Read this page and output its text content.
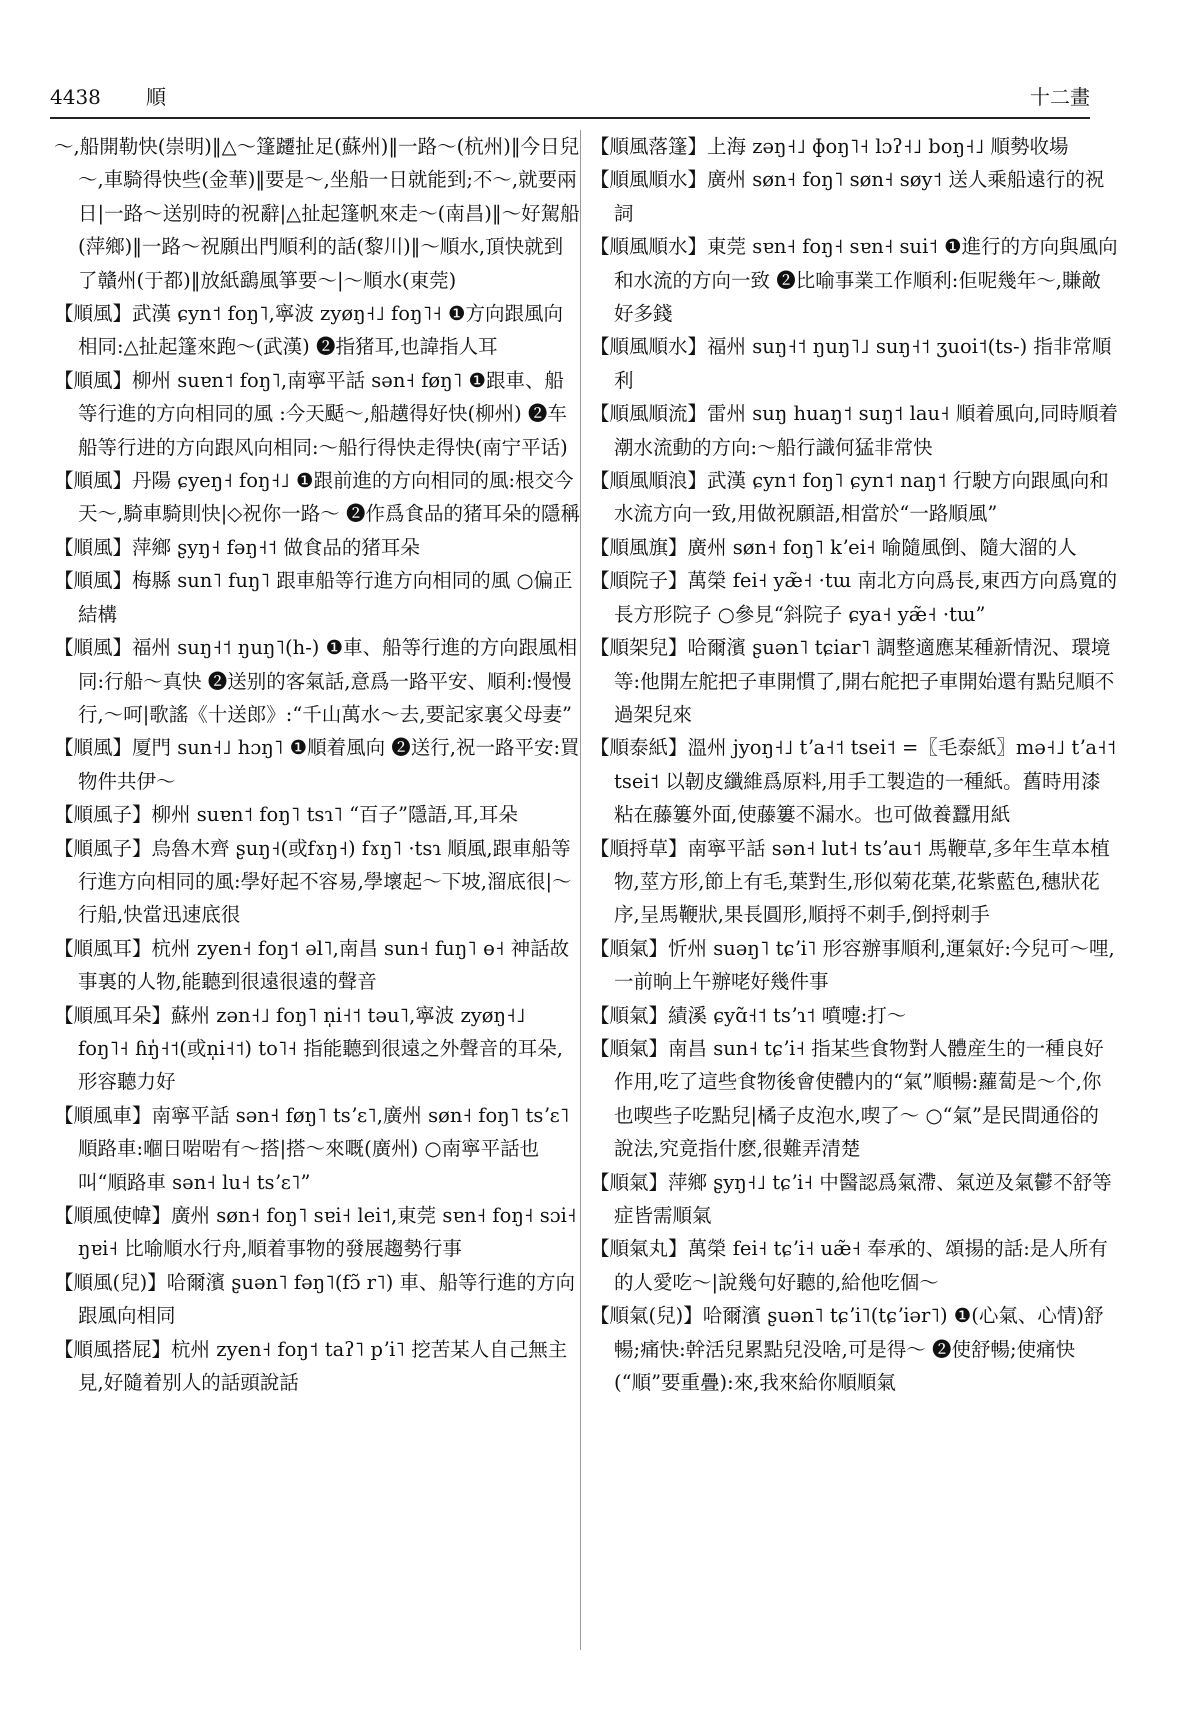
4438 順	十二畫

～,船開勒快(崇明)‖△～篷躚扯足(蘇州)‖一路～(杭州)‖今日兒～,車騎得快些(金華)‖要是～,坐船一日就能到;不～,就要兩日|一路～送别時的祝辭|△扯起篷帆來走～(南昌)‖～好駕船(萍鄉)‖一路～祝願出門順利的話(黎川)‖～順水,頂快就到了贛州(于都)‖放紙鷂風箏要～|～順水(東莞)

【順風】武漢 ɕyn˦ foŋ˥,寧波 zyøŋ˧˩ foŋ˥˧ ❶方向跟風向相同:△扯起篷來跑～(武漢) ❷指猪耳,也諱指人耳

【順風】柳州 suɐn˦ foŋ˥,南寧平話 sən˧ føŋ˥ ❶跟車、船等行進的方向相同的風 :今天颳～,船趪得好快(柳州) ❷车船等行进的方向跟风向相同:～船行得快走得快(南宁平话)

【順風】丹陽 ɕyeŋ˧ foŋ˧˩ ❶跟前進的方向相同的風:根交今天～,騎車騎則快|◇祝你一路～ ❷作爲食品的猪耳朵的隱稱

【順風】萍鄉 ʂyŋ˧ fəŋ˧˦ 做食品的猪耳朵

【順風】梅縣 sun˥ fuŋ˥ 跟車船等行進方向相同的風 ○偏正結構

【順風】福州 suŋ˧˦ ŋuŋ˥(h-) ❶車、船等行進的方向跟風相同:行船～真快 ❷送别的客氣話,意爲一路平安、順利:慢慢行,～呵|歌謠《十送郎》:“千山萬水～去,要記家裏父母妻”

【順風】厦門 sun˧˩ hɔŋ˥ ❶順着風向 ❷送行,祝一路平安:買物件共伊～

【順風子】柳州 suɐn˦ foŋ˥ tsɿ˥ “百子”隱語,耳,耳朵

【順風子】烏魯木齊 ʂuŋ˧(或fɤŋ˧) fɤŋ˥ ·tsɿ 順風,跟車船等行進方向相同的風:學好起不容易,學壞起～下坡,溜底很|～行船,快當迅速底很

【順風耳】杭州 zyen˧ foŋ˦ əl˥,南昌 sun˧ fuŋ˥ ɵ˧ 神話故事裏的人物,能聽到很遠很遠的聲音

【順風耳朵】蘇州 zən˧˩ foŋ˥ n̩i˧˦ təu˥,寧波 zyøŋ˧˩ foŋ˥˧ ɦŋ̍˧˦(或n̩i˧˦) to˥˧ 指能聽到很遠之外聲音的耳朵,形容聽力好

【順風車】南寧平話 sən˧ føŋ˥ tsʼɛ˥,廣州 søn˧ foŋ˥ tsʼɛ˥ 順路車:嗰日啱啱有～搭|搭～來嘅(廣州) ○南寧平話也叫“順路車 sən˧ lu˧ tsʼɛ˥”

【順風使幃】廣州 søn˧ foŋ˥ sɐi˧ lei˦,東莞 sɐn˧ foŋ˧ sɔi˧ ŋɐi˧ 比喻順水行舟,順着事物的發展趨勢行事

【順風(兒)】哈爾濱 ʂuən˥ fəŋ˥(fɔ̃ r˥) 車、船等行進的方向跟風向相同

【順風搭屁】杭州 zyen˧ foŋ˦ taʔ˥ pʼi˥ 挖苦某人自己無主見,好隨着别人的話頭說話

【順風落篷】上海 zəŋ˧˩ ɸoŋ˥˧ lɔʔ˧˩ boŋ˧˩ 順勢收場

【順風順水】廣州 søn˧ foŋ˥ søn˧ søy˦ 送人乘船遠行的祝詞

【順風順水】東莞 sɐn˧ foŋ˧ sɐn˧ sui˦ ❶進行的方向與風向和水流的方向一致 ❷比喻事業工作順利:佢呢幾年～,賺敵好多錢

【順風順水】福州 suŋ˧˦ ŋuŋ˥˩ suŋ˧˦ ʒuoi˦(ts-) 指非常順利

【順風順流】雷州 suŋ huaŋ˦ suŋ˦ lau˧ 順着風向,同時順着潮水流動的方向:～船行識何猛非常快

【順風順浪】武漢 ɕyn˦ foŋ˥ ɕyn˦ naŋ˦ 行駛方向跟風向和水流方向一致,用做祝願語,相當於“一路順風”

【順風旗】廣州 søn˧ foŋ˥ kʼei˧ 喻隨風倒、隨大溜的人

【順院子】萬榮 fei˧ yæ̃˧ ·tɯ 南北方向爲長,東西方向爲寬的長方形院子 ○參見“斜院子 ɕya˧ yæ̃˧ ·tɯ”

【順架兒】哈爾濱 ʂuən˥ tɕiar˥ 調整適應某種新情況、環境等:他開左舵把子車開慣了,開右舵把子車開始還有點兒順不過架兒來

【順泰紙】溫州 jyoŋ˧˩ tʼa˧˦ tsei˦ =〖毛泰紙〗mə˧˩ tʼa˧˦ tsei˦ 以韌皮纖維爲原料,用手工製造的一種紙。舊時用漆粘在藤簍外面,使藤簍不漏水。也可做養蠶用紙

【順捋草】南寧平話 sən˧ lut˧ tsʼau˦ 馬鞭草,多年生草本植物,莖方形,節上有毛,葉對生,形似菊花葉,花紫藍色,穗狀花序,呈馬鞭狀,果長圓形,順捋不刺手,倒捋刺手

【順氣】忻州 suəŋ˥ tɕʼi˥ 形容辦事順利,運氣好:今兒可～哩,一前晌上午辦咾好幾件事

【順氣】績溪 ɕyɑ̃˧˦ tsʼɿ˦ 噴嚏:打～

【順氣】南昌 sun˧ tɕʼi˧ 指某些食物對人體産生的一種良好作用,吃了這些食物後會使體内的“氣”順暢:蘿蔔是～个,你也喫些子吃點兒|橘子皮泡水,喫了～ ○“氣”是民間通俗的說法,究竟指什麽,很難弄清楚

【順氣】萍鄉 ʂyŋ˧˩ tɕʼi˧ 中醫認爲氣滯、氣逆及氣鬱不舒等症皆需順氣

【順氣丸】萬榮 fei˧ tɕʼi˧ uæ̃˧ 奉承的、頌揚的話:是人所有的人愛吃～|說幾句好聽的,給他吃個～

【順氣(兒)】哈爾濱 ʂuən˥ tɕʼi˥(tɕʼiər˥) ❶(心氣、心情)舒暢;痛快:幹活兒累點兒没啥,可是得～ ❷使舒暢;使痛快(“順”要重疊):來,我來給你順順氣
